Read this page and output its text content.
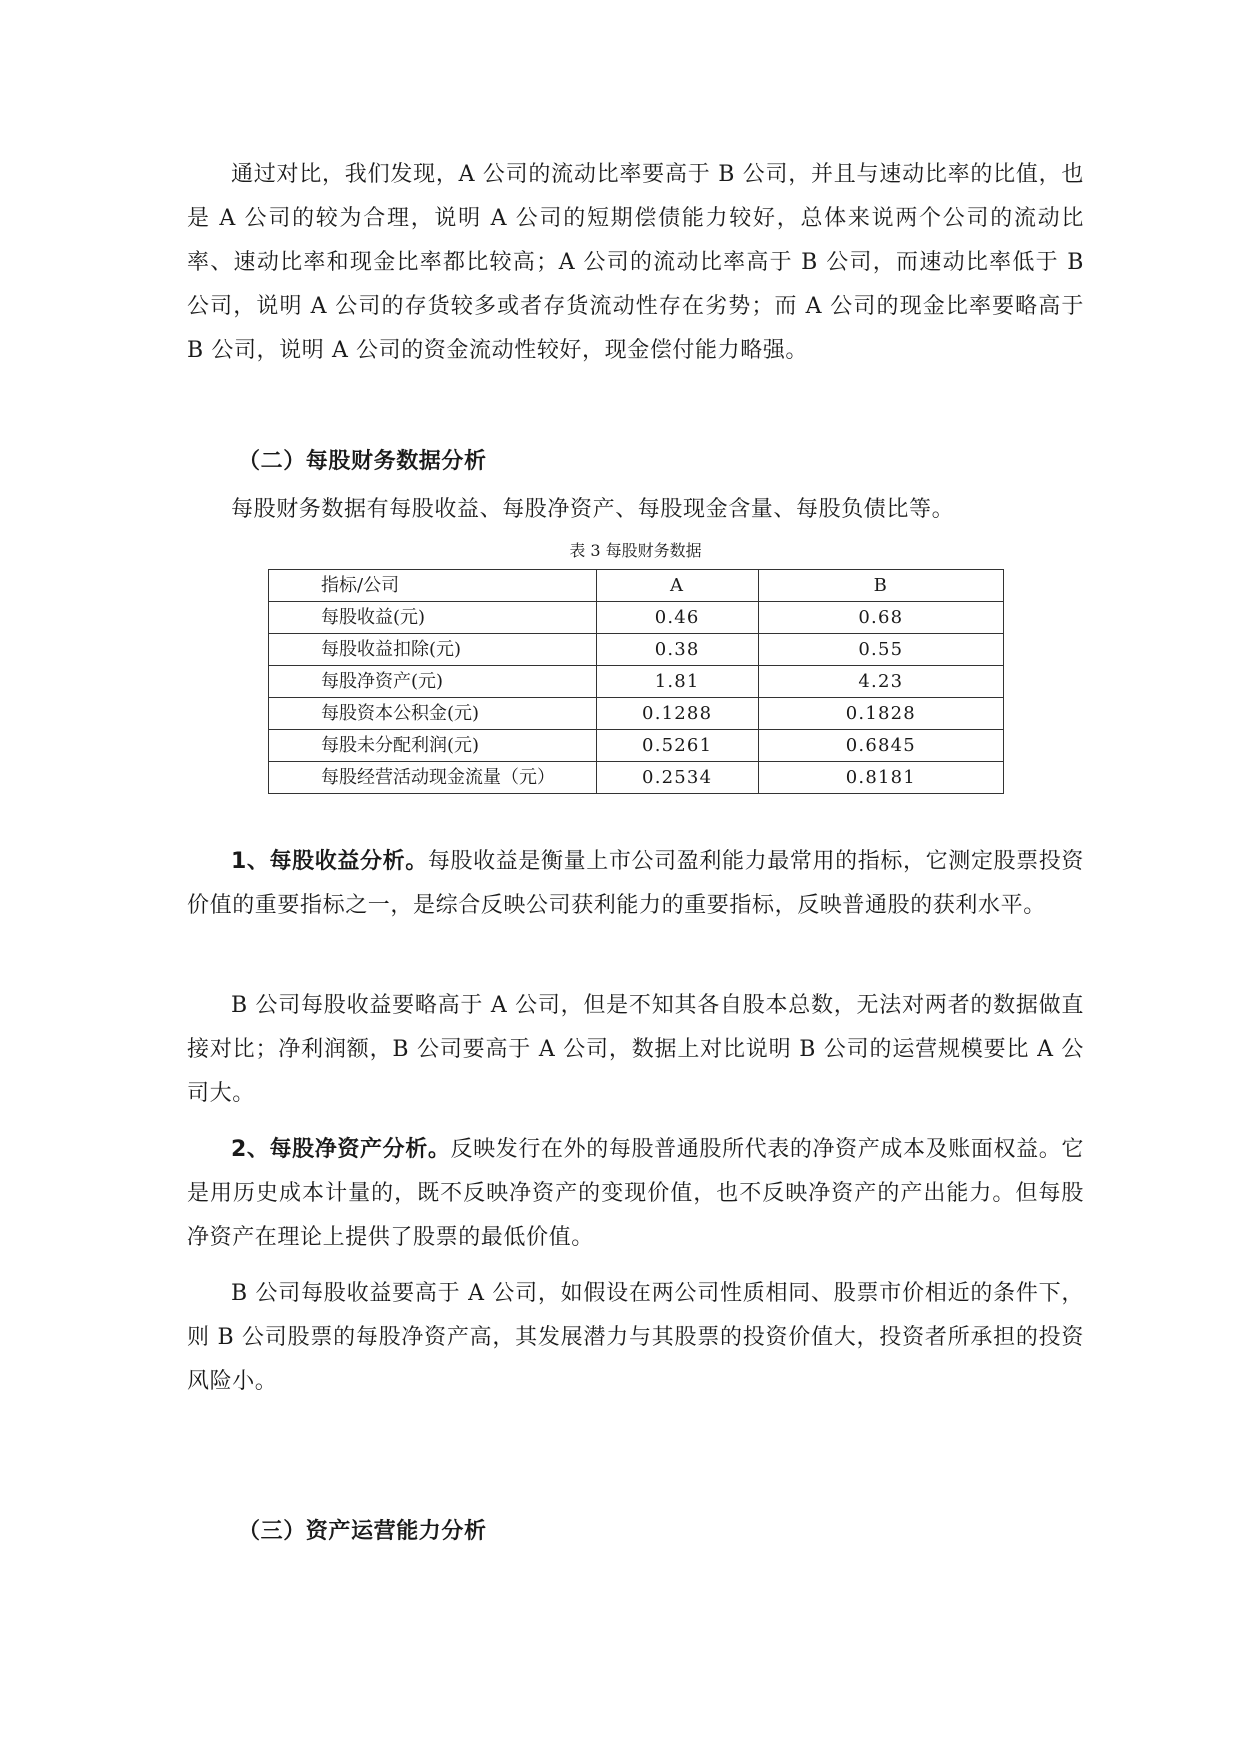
通过对比，我们发现，A 公司的流动比率要高于 B 公司，并且与速动比率的比值，也是 A 公司的较为合理，说明 A 公司的短期偿债能力较好，总体来说两个公司的流动比率、速动比率和现金比率都比较高；A 公司的流动比率高于 B 公司，而速动比率低于 B 公司，说明 A 公司的存货较多或者存货流动性存在劣势；而 A 公司的现金比率要略高于 B 公司，说明 A 公司的资金流动性较好，现金偿付能力略强。

（二）每股财务数据分析

每股财务数据有每股收益、每股净资产、每股现金含量、每股负债比等。

表 3 每股财务数据

指标/公司	A	B
每股收益(元)	0.46	0.68
每股收益扣除(元)	0.38	0.55
每股净资产(元)	1.81	4.23
每股资本公积金(元)	0.1288	0.1828
每股未分配利润(元)	0.5261	0.6845
每股经营活动现金流量（元）	0.2534	0.8181

1、每股收益分析。每股收益是衡量上市公司盈利能力最常用的指标，它测定股票投资价值的重要指标之一，是综合反映公司获利能力的重要指标，反映普通股的获利水平。

B 公司每股收益要略高于 A 公司，但是不知其各自股本总数，无法对两者的数据做直接对比；净利润额，B 公司要高于 A 公司，数据上对比说明 B 公司的运营规模要比 A 公司大。

2、每股净资产分析。反映发行在外的每股普通股所代表的净资产成本及账面权益。它是用历史成本计量的，既不反映净资产的变现价值，也不反映净资产的产出能力。但每股净资产在理论上提供了股票的最低价值。

B 公司每股收益要高于 A 公司，如假设在两公司性质相同、股票市价相近的条件下，则 B 公司股票的每股净资产高，其发展潜力与其股票的投资价值大，投资者所承担的投资风险小。

（三）资产运营能力分析
